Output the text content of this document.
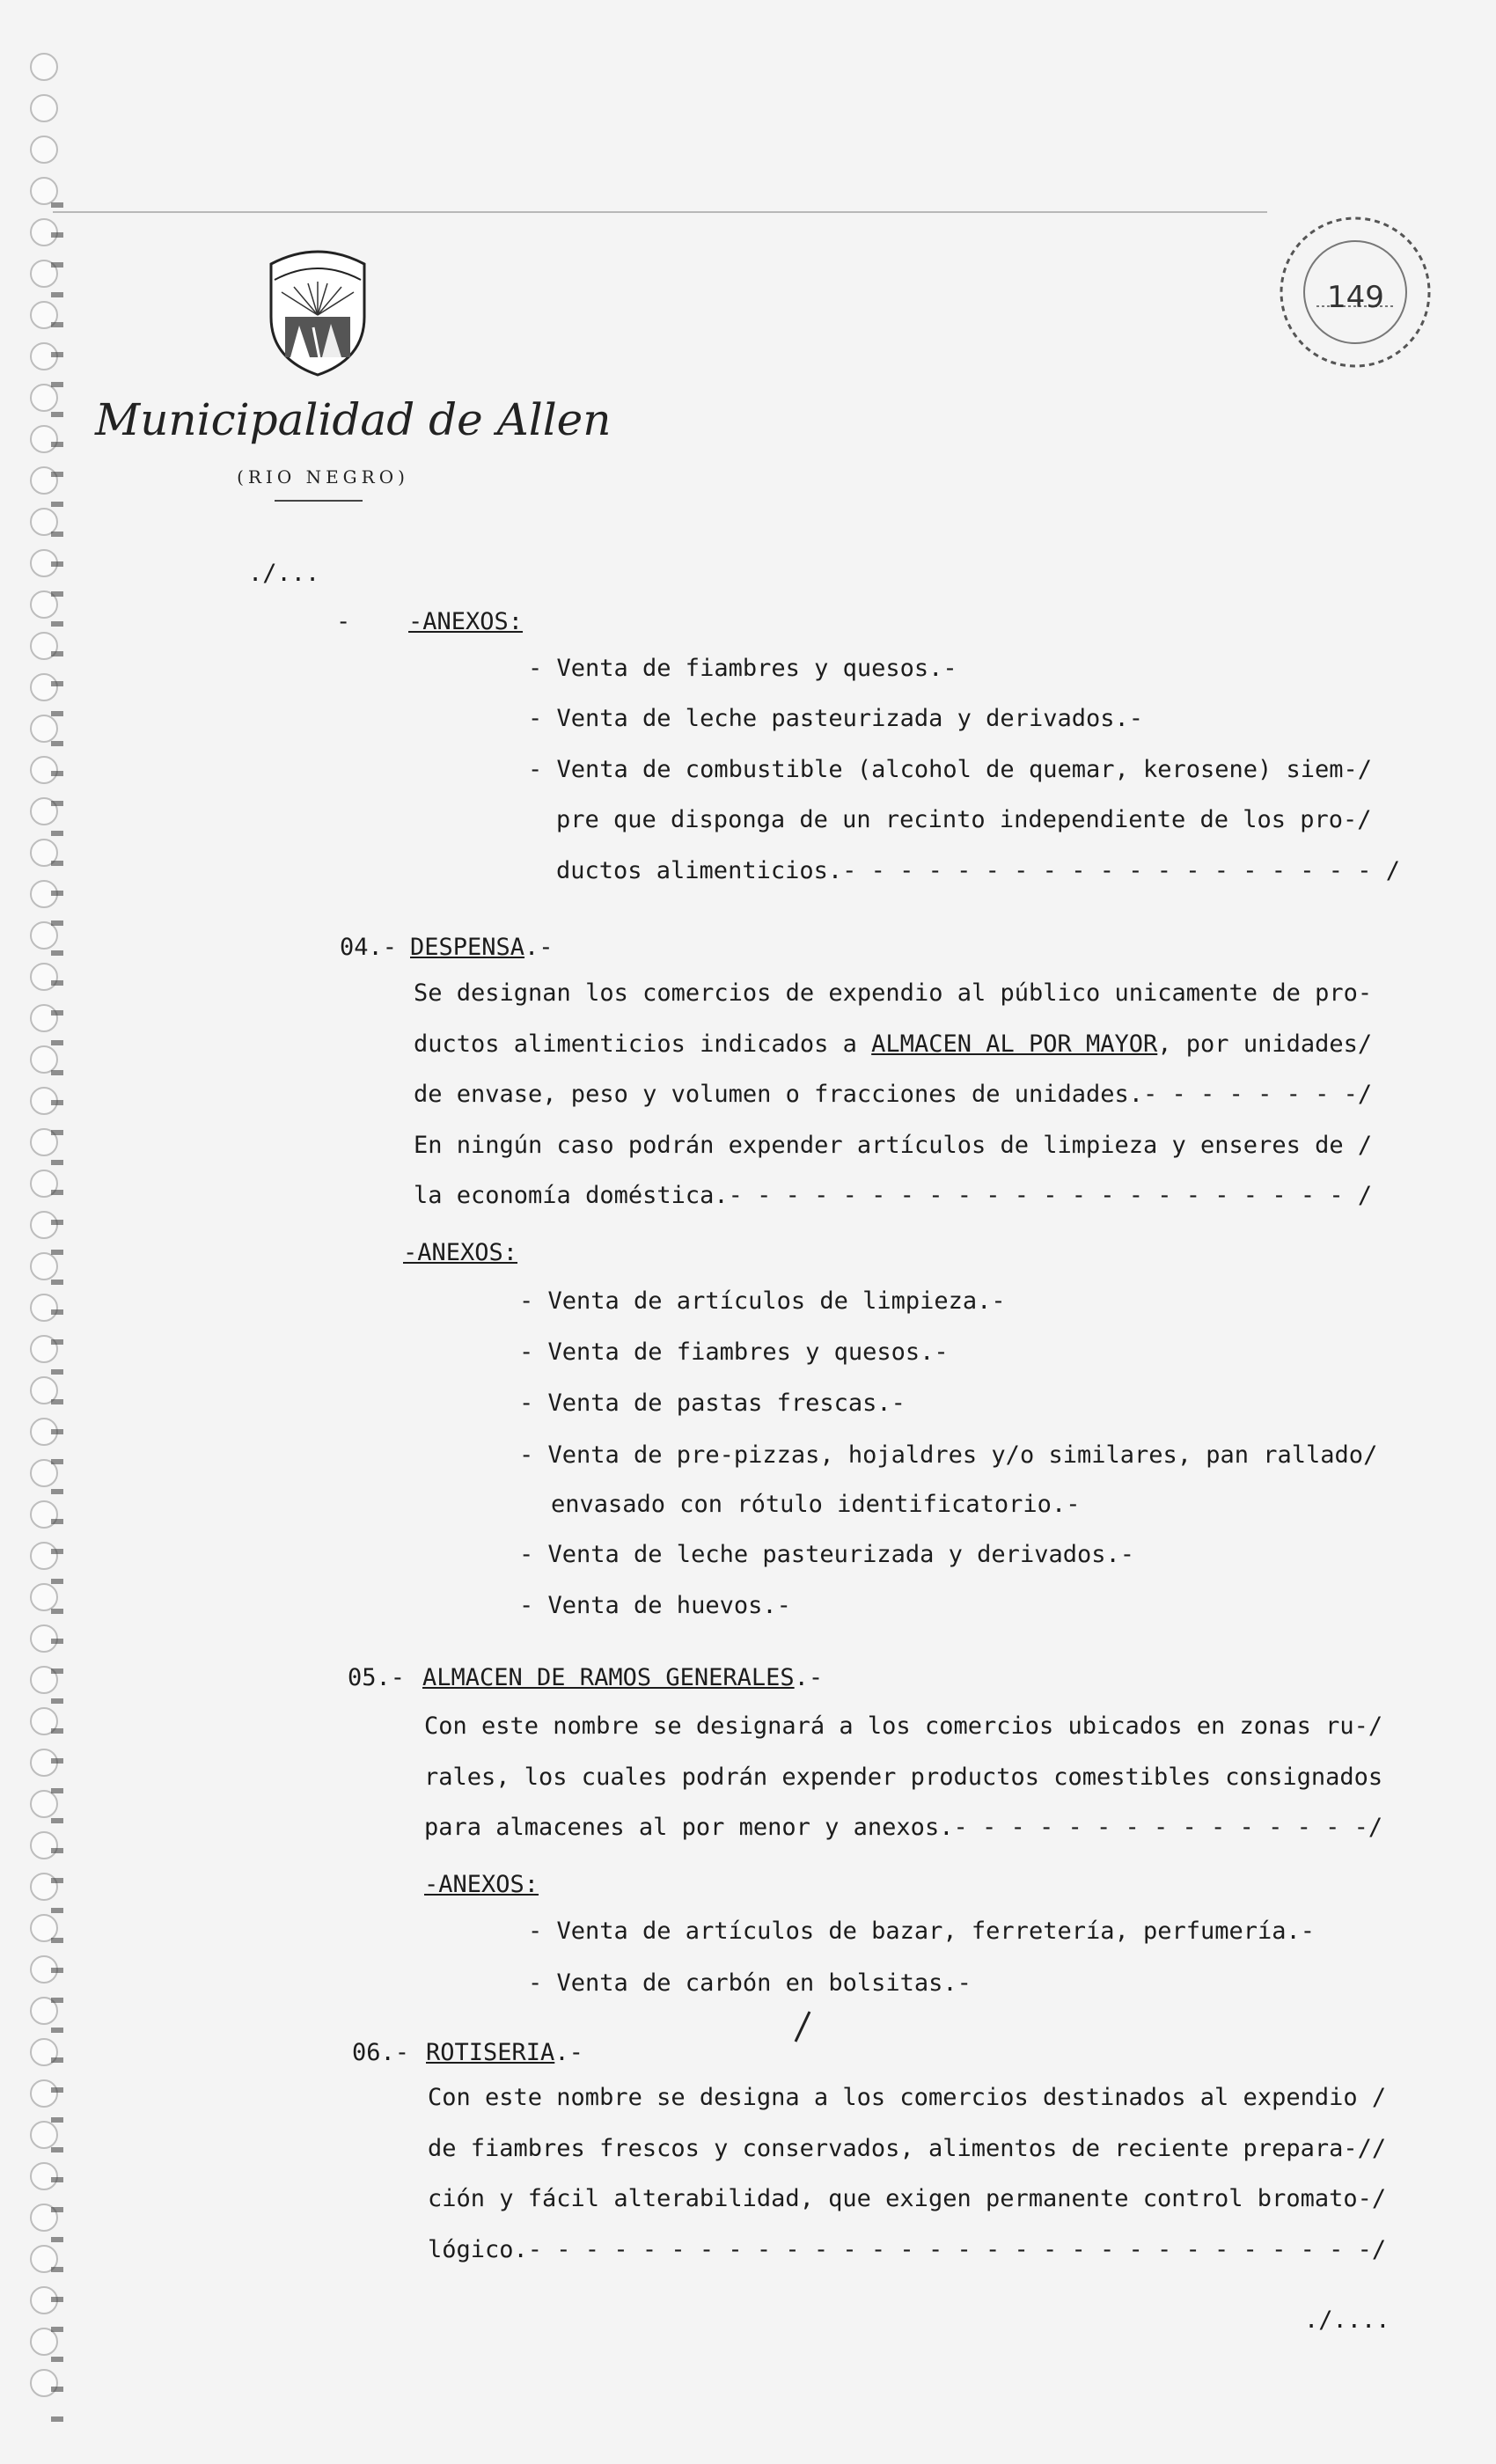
Municipalidad de Allen
(RIO NEGRO)
149
./...
- -ANEXOS:
- Venta de fiambres y quesos.-
- Venta de leche pasteurizada y derivados.-
- Venta de combustible (alcohol de quemar, kerosene) siem-/
pre que disponga de un recinto independiente de los pro-/
ductos alimenticios.- - - - - - - - - - - - - - - - - - - /
04.- DESPENSA.-
Se designan los comercios de expendio al público unicamente de pro-
ductos alimenticios indicados a ALMACEN AL POR MAYOR, por unidades/
de envase, peso y volumen o fracciones de unidades.- - - - - - - -/
En ningún caso podrán expender artículos de limpieza y enseres de /
la economía doméstica.- - - - - - - - - - - - - - - - - - - - - - /
-ANEXOS:
- Venta de artículos de limpieza.-
- Venta de fiambres y quesos.-
- Venta de pastas frescas.-
- Venta de pre-pizzas, hojaldres y/o similares, pan rallado/
envasado con rótulo identificatorio.-
- Venta de leche pasteurizada y derivados.-
- Venta de huevos.-
05.- ALMACEN DE RAMOS GENERALES.-
Con este nombre se designará a los comercios ubicados en zonas ru-/
rales, los cuales podrán expender productos comestibles consignados
para almacenes al por menor y anexos.- - - - - - - - - - - - - - -/
-ANEXOS:
- Venta de artículos de bazar, ferretería, perfumería.-
- Venta de carbón en bolsitas.-
06.- ROTISERIA.-
Con este nombre se designa a los comercios destinados al expendio /
de fiambres frescos y conservados, alimentos de reciente prepara-//
ción y fácil alterabilidad, que exigen permanente control bromato-/
lógico.- - - - - - - - - - - - - - - - - - - - - - - - - - - - - -/
./....
